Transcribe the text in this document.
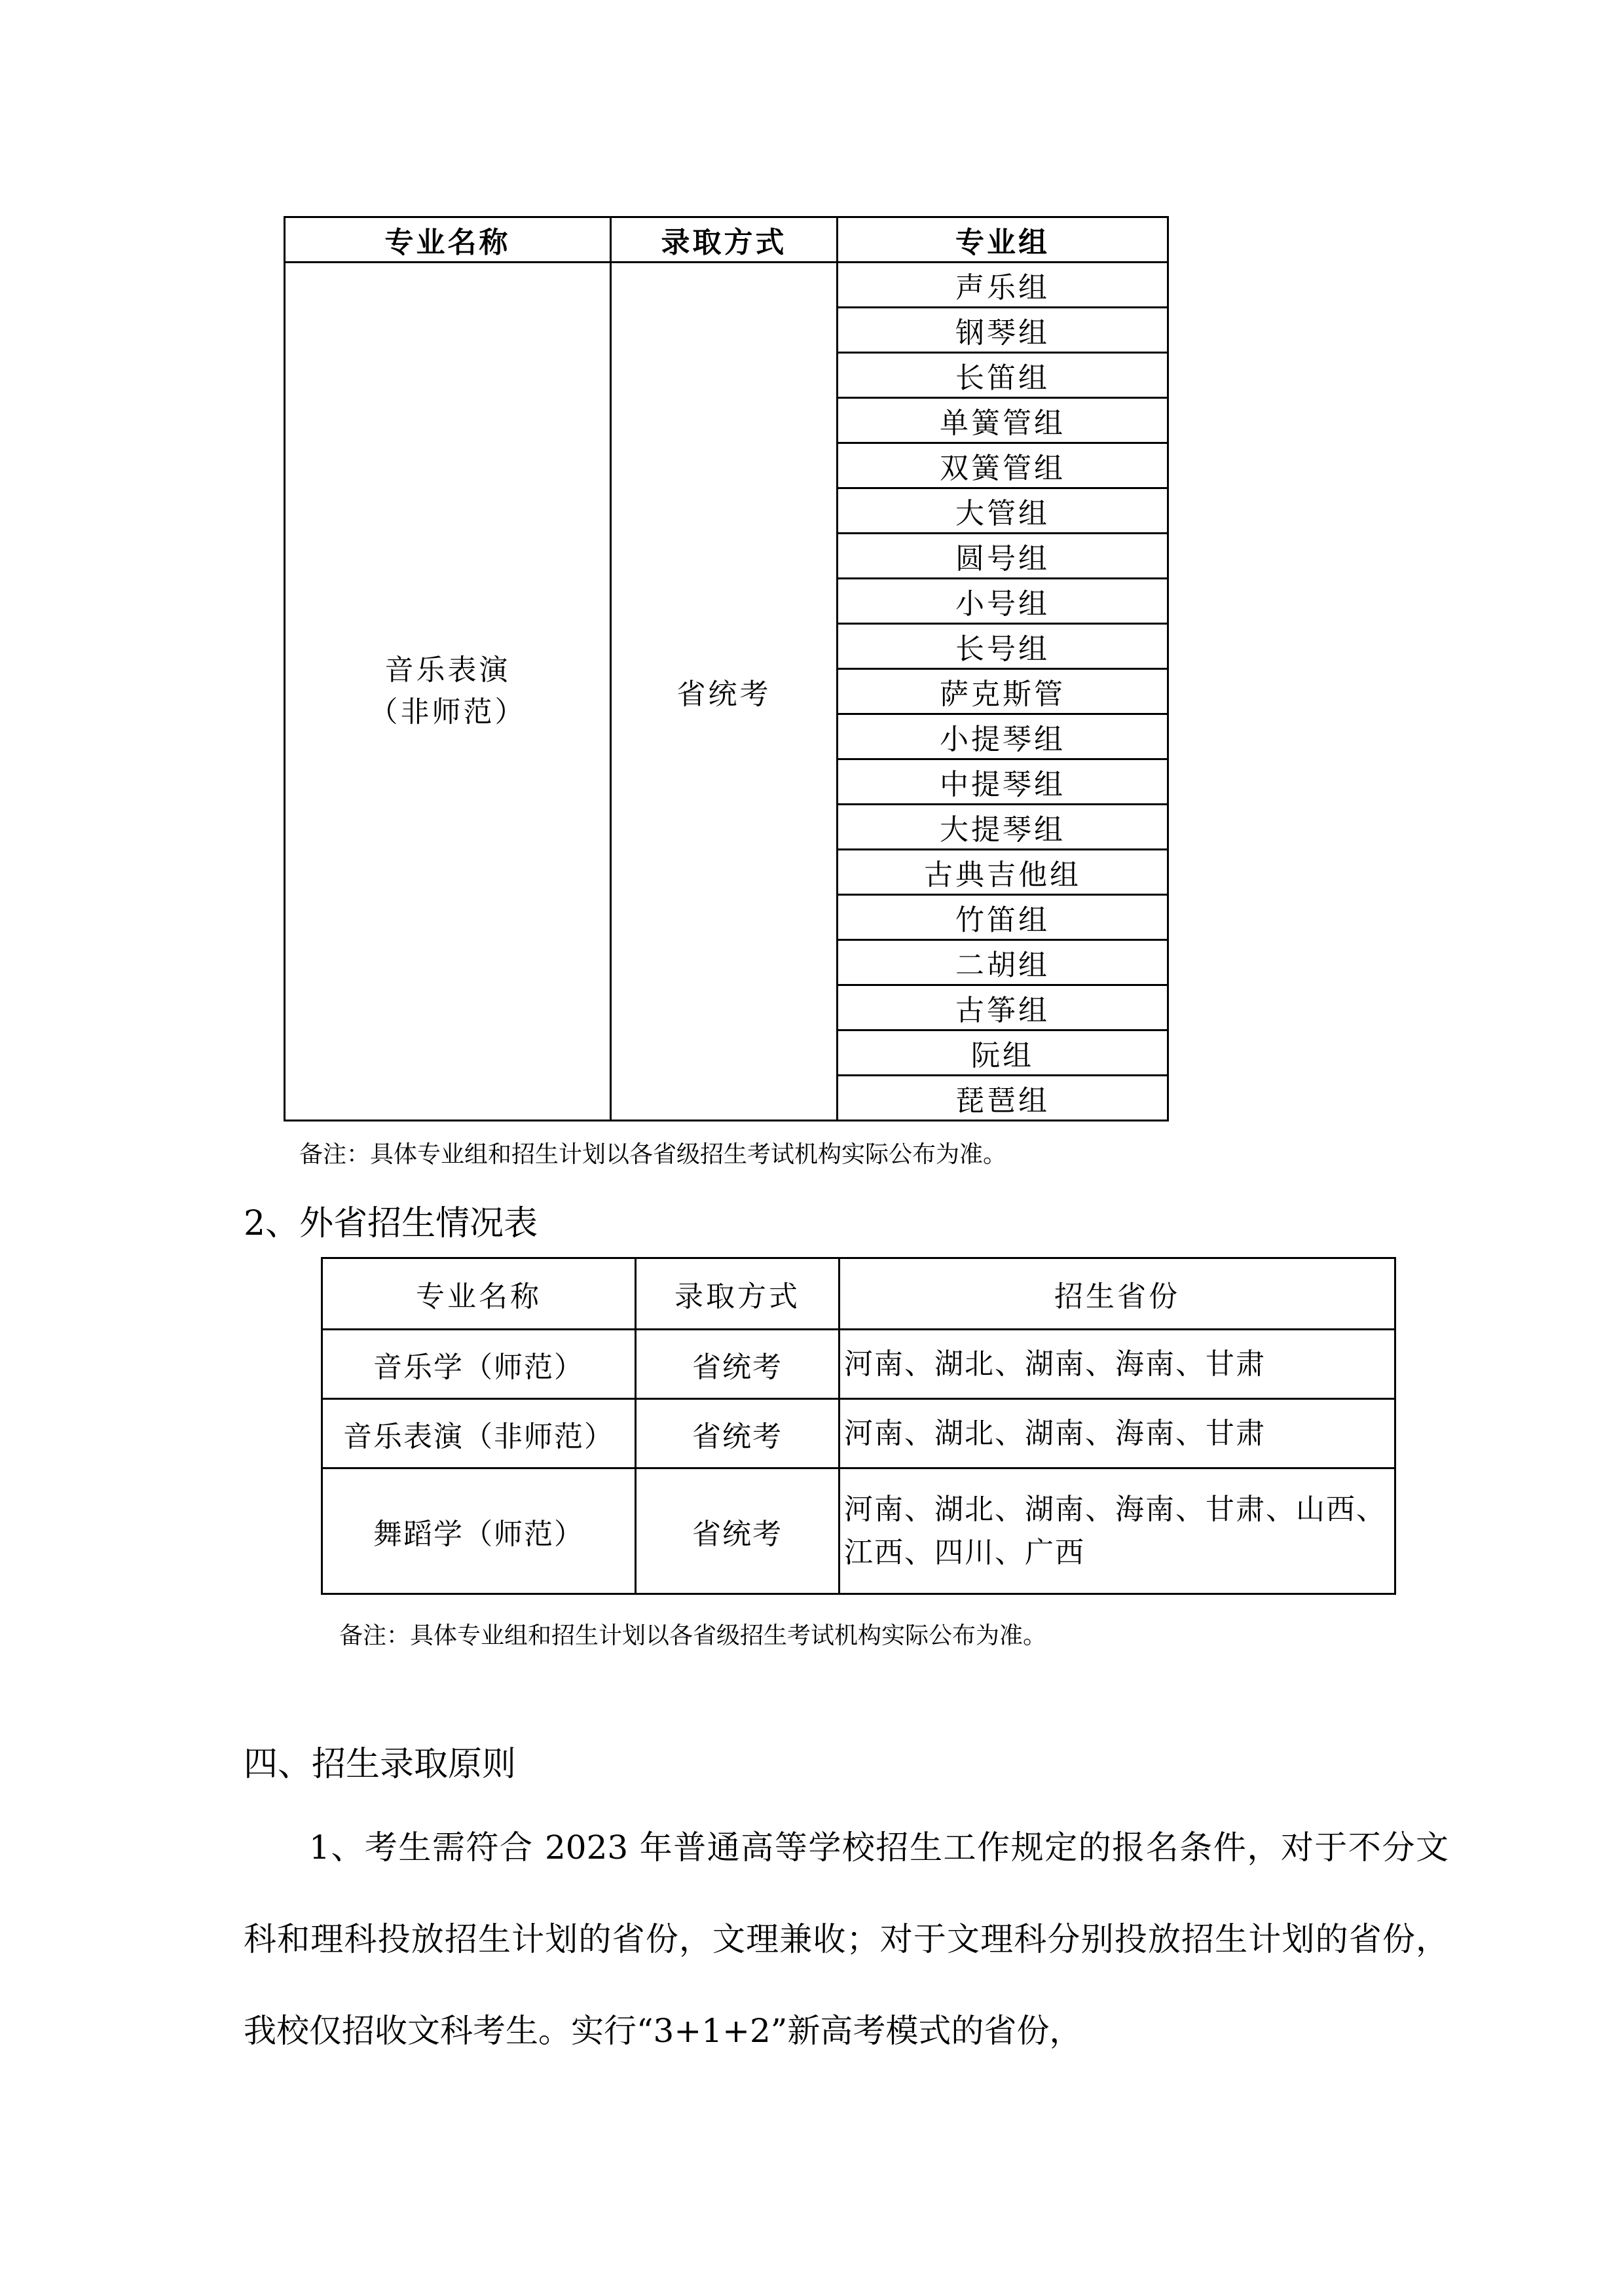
专业名称	录取方式	专业组

音乐表演
（非师范）	省统考	声乐组
		钢琴组
		长笛组
		单簧管组
		双簧管组
		大管组
		圆号组
		小号组
		长号组
		萨克斯管
		小提琴组
		中提琴组
		大提琴组
		古典吉他组
		竹笛组
		二胡组
		古筝组
		阮组
		琵琶组
备注：具体专业组和招生计划以各省级招生考试机构实际公布为准。
2、外省招生情况表
专业名称	录取方式	招生省份
音乐学（师范）	省统考	河南、湖北、湖南、海南、甘肃
音乐表演（非师范）	省统考	河南、湖北、湖南、海南、甘肃
舞蹈学（师范）	省统考	河南、湖北、湖南、海南、甘肃、山西、
江西、四川、广西
备注：具体专业组和招生计划以各省级招生考试机构实际公布为准。
四、招生录取原则
1、考生需符合 2023 年普通高等学校招生工作规定的报名条件，对于不分文科和理科投放招生计划的省份，文理兼收；对于文理科分别投放招生计划的省份，我校仅招收文科考生。实行“3+1+2”新高考模式的省份，
